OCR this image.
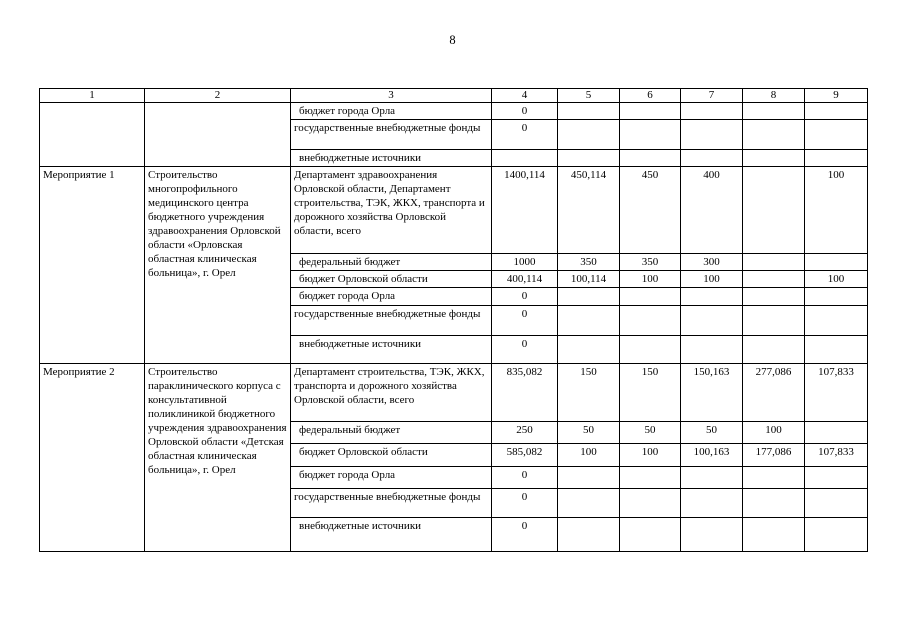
8
1	2	3	4	5	6	7	8	9
		бюджет города Орла	0					
		государственные внебюджетные фонды	0					
		внебюджетные источники						
Мероприятие 1	Строительство многопрофильного медицинского центра бюджетного учреждения здравоохранения Орловской области «Орловская областная клиническая больница», г. Орел	Департамент здравоохранения Орловской области, Департамент строительства, ТЭК, ЖКХ, транспорта и дорожного хозяйства Орловской области, всего	1400,114	450,114	450	400		100
		федеральный бюджет	1000	350	350	300		
		бюджет Орловской области	400,114	100,114	100	100		100
		бюджет города Орла	0					
		государственные внебюджетные фонды	0					
		внебюджетные источники	0					
Мероприятие 2	Строительство параклинического корпуса с консультативной поликлиникой бюджетного учреждения здравоохранения Орловской области «Детская областная клиническая больница», г. Орел	Департамент строительства, ТЭК, ЖКХ, транспорта и дорожного хозяйства Орловской области, всего	835,082	150	150	150,163	277,086	107,833
		федеральный бюджет	250	50	50	50	100	
		бюджет Орловской области	585,082	100	100	100,163	177,086	107,833
		бюджет города Орла	0					
		государственные внебюджетные фонды	0					
		внебюджетные источники	0					
